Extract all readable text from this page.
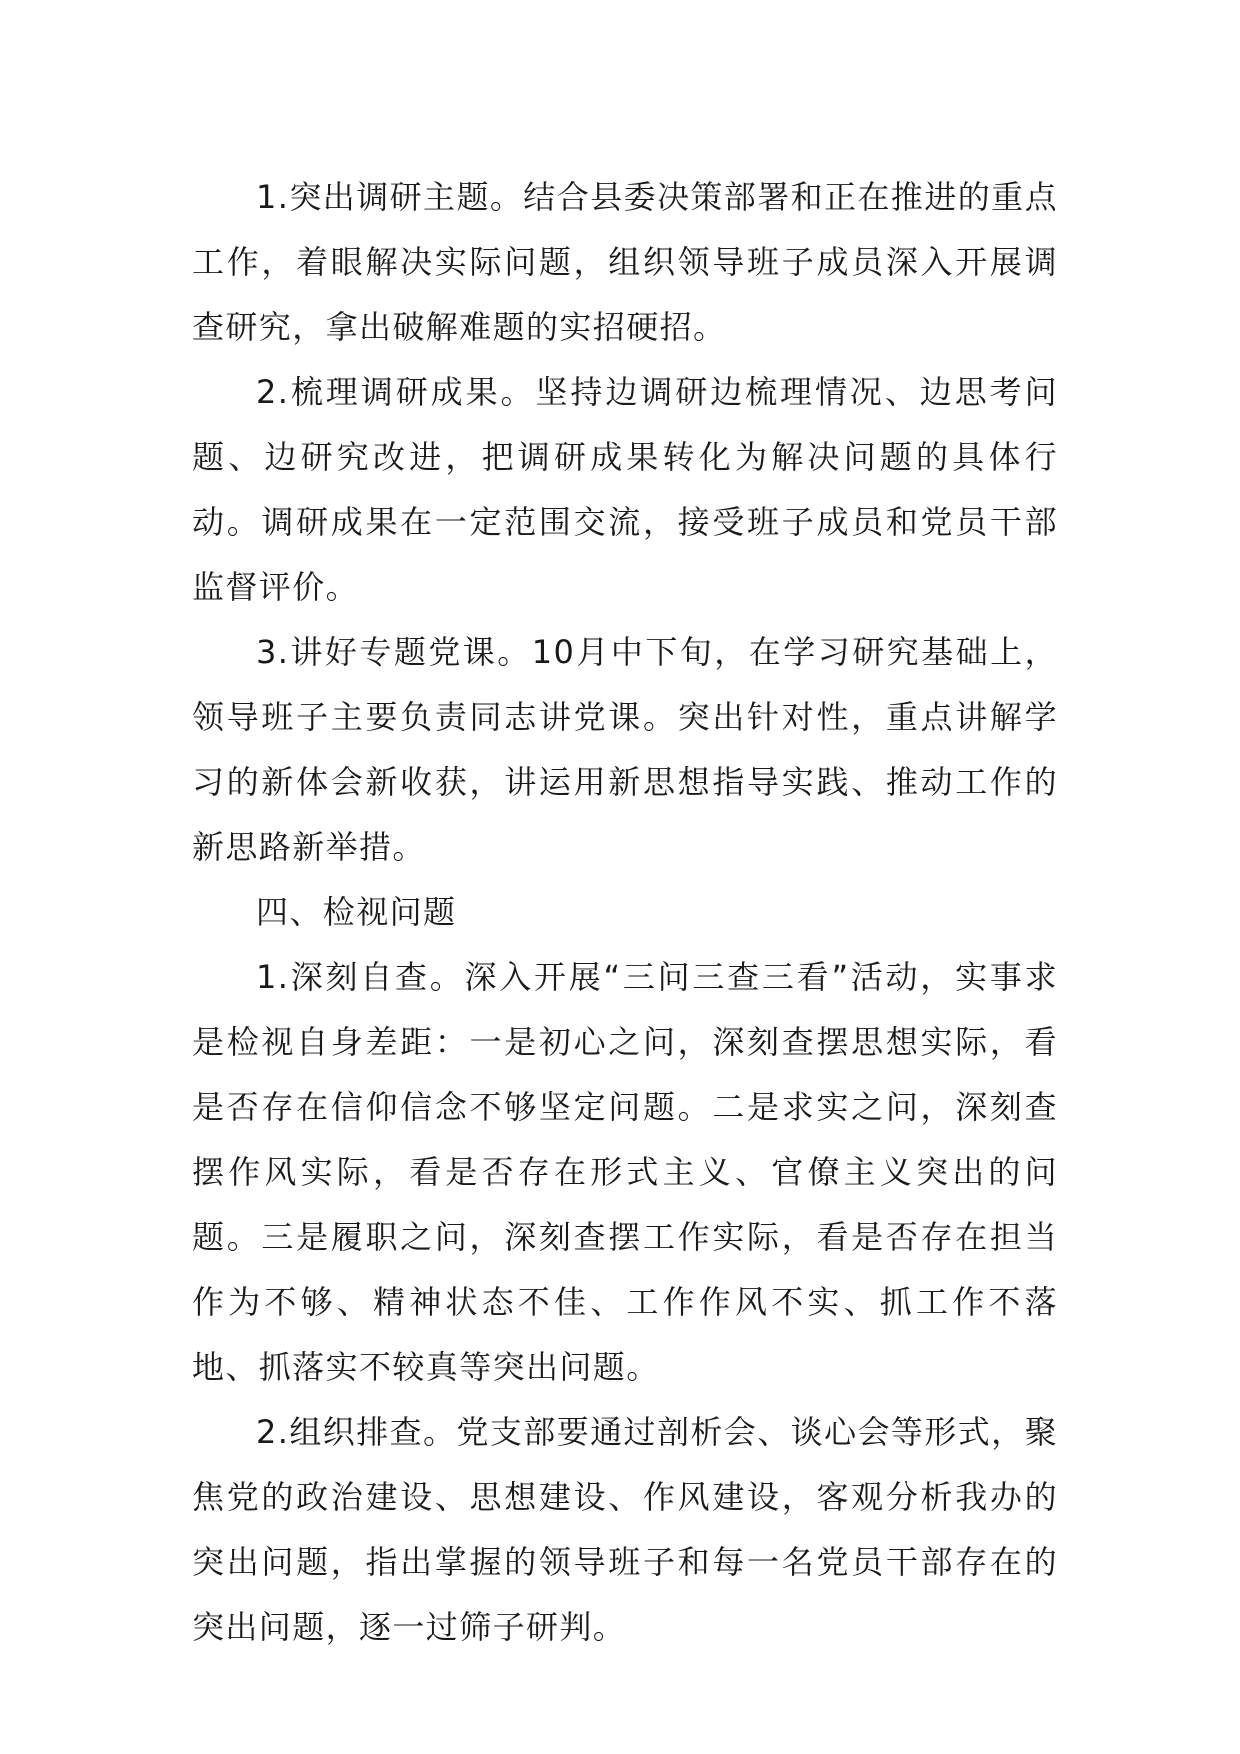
1.突出调研主题。结合县委决策部署和正在推进的重点工作，着眼解决实际问题，组织领导班子成员深入开展调查研究，拿出破解难题的实招硬招。

2.梳理调研成果。坚持边调研边梳理情况、边思考问题、边研究改进，把调研成果转化为解决问题的具体行动。调研成果在一定范围交流，接受班子成员和党员干部监督评价。

3.讲好专题党课。10月中下旬，在学习研究基础上，领导班子主要负责同志讲党课。突出针对性，重点讲解学习的新体会新收获，讲运用新思想指导实践、推动工作的新思路新举措。

四、检视问题

1.深刻自查。深入开展“三问三查三看”活动，实事求是检视自身差距：一是初心之问，深刻查摆思想实际，看是否存在信仰信念不够坚定问题。二是求实之问，深刻查摆作风实际，看是否存在形式主义、官僚主义突出的问题。三是履职之问，深刻查摆工作实际，看是否存在担当作为不够、精神状态不佳、工作作风不实、抓工作不落地、抓落实不较真等突出问题。

2.组织排查。党支部要通过剖析会、谈心会等形式，聚焦党的政治建设、思想建设、作风建设，客观分析我办的突出问题，指出掌握的领导班子和每一名党员干部存在的突出问题，逐一过筛子研判。
